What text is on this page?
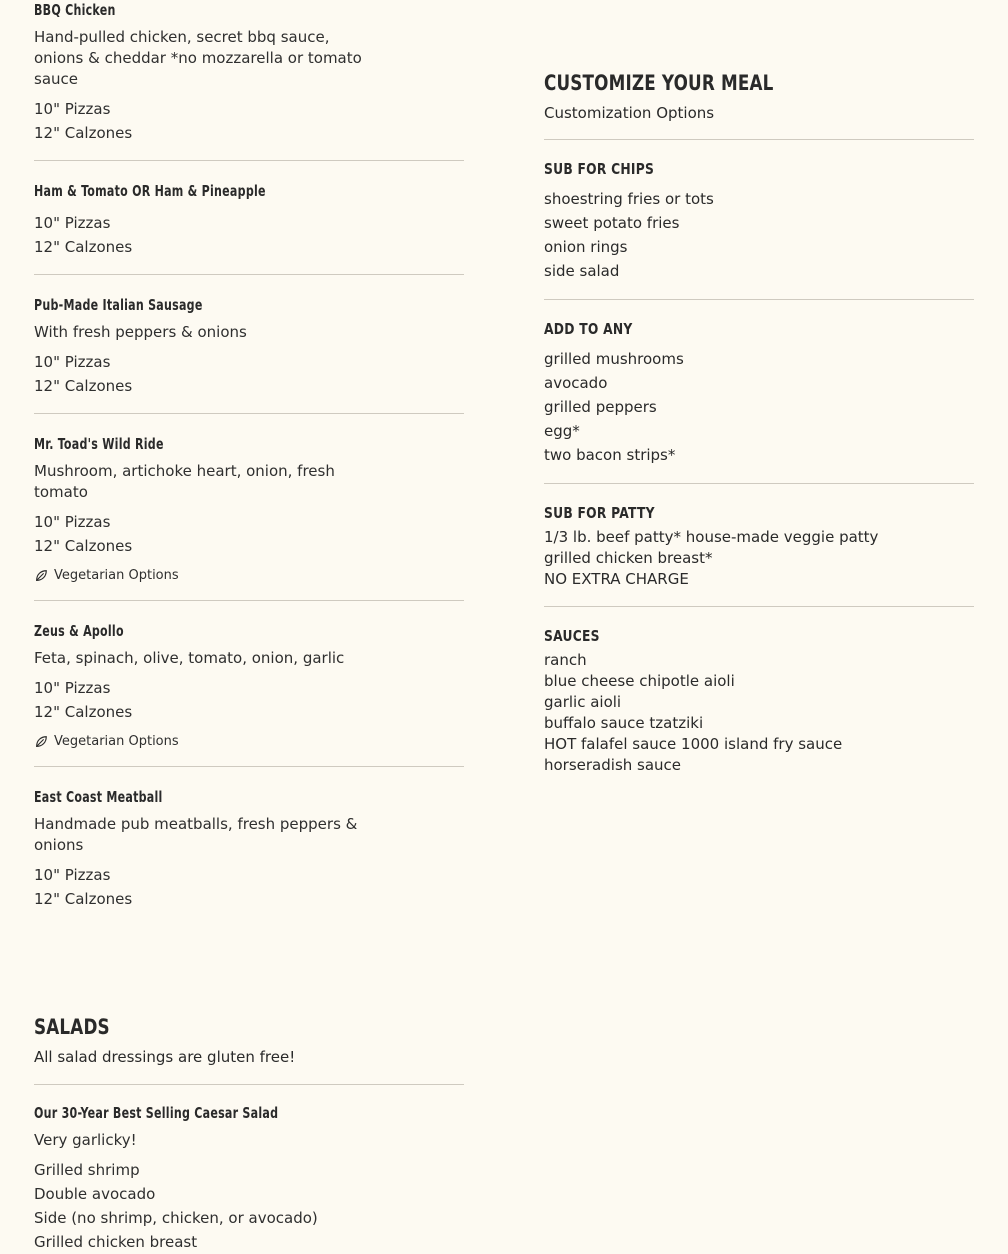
BBQ Chicken
Hand-pulled chicken, secret bbq sauce, onions & cheddar *no mozzarella or tomato sauce
10" Pizzas
12" Calzones
Ham & Tomato OR Ham & Pineapple
10" Pizzas
12" Calzones
Pub-Made Italian Sausage
With fresh peppers & onions
10" Pizzas
12" Calzones
Mr. Toad's Wild Ride
Mushroom, artichoke heart, onion, fresh tomato
10" Pizzas
12" Calzones
Vegetarian Options
Zeus & Apollo
Feta, spinach, olive, tomato, onion, garlic
10" Pizzas
12" Calzones
Vegetarian Options
East Coast Meatball
Handmade pub meatballs, fresh peppers & onions
10" Pizzas
12" Calzones
SALADS
All salad dressings are gluten free!
Our 30-Year Best Selling Caesar Salad
Very garlicky!
Grilled shrimp
Double avocado
Side (no shrimp, chicken, or avocado)
Grilled chicken breast
CUSTOMIZE YOUR MEAL
Customization Options
SUB FOR CHIPS
shoestring fries or tots
sweet potato fries
onion rings
side salad
ADD TO ANY
grilled mushrooms
avocado
grilled peppers
egg*
two bacon strips*
SUB FOR PATTY
1/3 lb. beef patty* house-made veggie patty grilled chicken breast*
NO EXTRA CHARGE
SAUCES
ranch
blue cheese chipotle aioli
garlic aioli
buffalo sauce tzatziki
HOT falafel sauce 1000 island fry sauce horseradish sauce
